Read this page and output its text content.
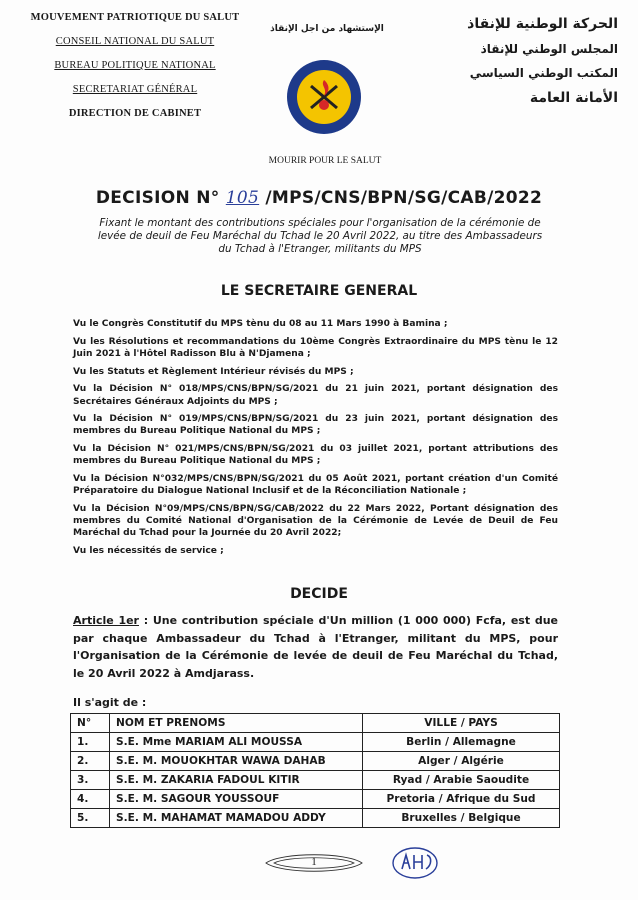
MOUVEMENT PATRIOTIQUE DU SALUT
CONSEIL NATIONAL DU SALUT
BUREAU POLITIQUE NATIONAL
SECRETARIAT GÉNÉRAL
DIRECTION DE CABINET
الإستشهاد من اجل الإنقاذ
MOURIR POUR LE SALUT
الحركة الوطنية للإنقاذ
المجلس الوطني للإنقاذ
المكتب الوطني السياسي
الأمانة العامة
DECISION N° 105 /MPS/CNS/BPN/SG/CAB/2022
Fixant le montant des contributions spéciales pour l'organisation de la cérémonie de levée de deuil de Feu Maréchal du Tchad le 20 Avril 2022, au titre des Ambassadeurs du Tchad à l'Etranger, militants du MPS
LE SECRETAIRE GENERAL

Vu le Congrès Constitutif du MPS tènu du 08 au 11 Mars 1990 à Bamina ;

Vu les Résolutions et recommandations du 10ème Congrès Extraordinaire du MPS tènu le 12 Juin 2021 à l'Hôtel Radisson Blu à N'Djamena ;

Vu les Statuts et Règlement Intérieur révisés du MPS ;

Vu la Décision N° 018/MPS/CNS/BPN/SG/2021 du 21 juin 2021, portant désignation des Secrétaires Généraux Adjoints du MPS ;

Vu la Décision N° 019/MPS/CNS/BPN/SG/2021 du 23 juin 2021, portant désignation des membres du Bureau Politique National du MPS ;

Vu la Décision N° 021/MPS/CNS/BPN/SG/2021 du 03 juillet 2021, portant attributions des membres du Bureau Politique National du MPS ;

Vu la Décision N°032/MPS/CNS/BPN/SG/2021 du 05 Août 2021, portant création d'un Comité Préparatoire du Dialogue National Inclusif et de la Réconciliation Nationale ;

Vu la Décision N°09/MPS/CNS/BPN/SG/CAB/2022 du 22 Mars 2022, Portant désignation des membres du Comité National d'Organisation de la Cérémonie de Levée de Deuil de Feu Maréchal du Tchad pour la Journée du 20 Avril 2022;

Vu les nécessités de service ;

DECIDE
Article 1er : Une contribution spéciale d'Un million (1 000 000) Fcfa, est due par chaque Ambassadeur du Tchad à l'Etranger, militant du MPS, pour l'Organisation de la Cérémonie de levée de deuil de Feu Maréchal du Tchad, le 20 Avril 2022 à Amdjarass.
Il s'agit de :
N°	NOM ET PRENOMS	VILLE / PAYS
1.	S.E. Mme MARIAM ALI MOUSSA	Berlin / Allemagne
2.	S.E. M. MOUOKHTAR WAWA DAHAB	Alger / Algérie
3.	S.E. M. ZAKARIA FADOUL KITIR	Ryad / Arabie Saoudite
4.	S.E. M. SAGOUR YOUSSOUF	Pretoria / Afrique du Sud
5.	S.E. M. MAHAMAT MAMADOU ADDY	Bruxelles / Belgique
1
